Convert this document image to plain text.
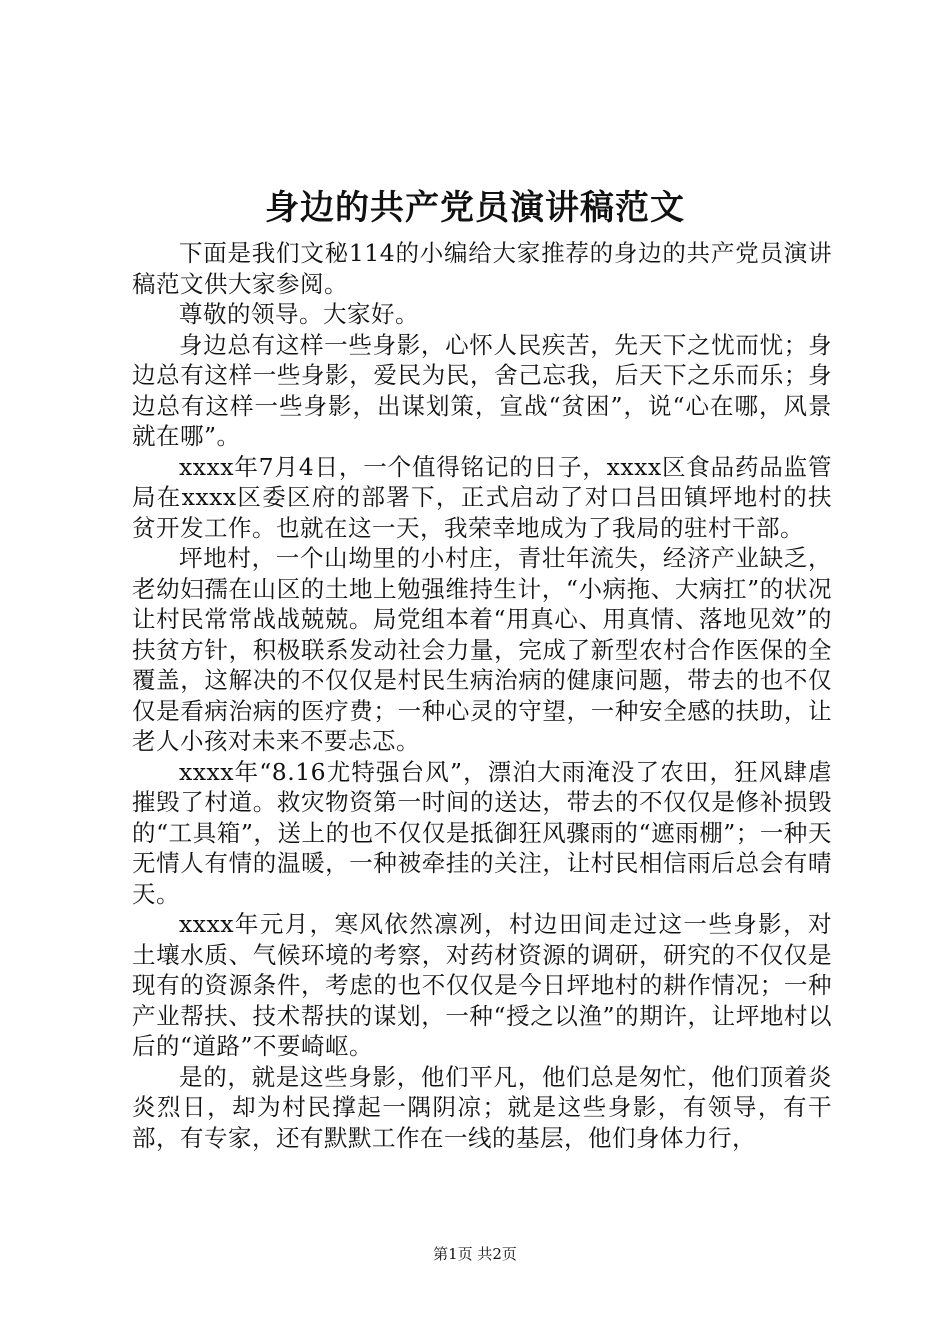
身边的共产党员演讲稿范文

下面是我们文秘114的小编给大家推荐的身边的共产党员演讲稿范文供大家参阅。

尊敬的领导。大家好。

身边总有这样一些身影，心怀人民疾苦，先天下之忧而忧；身边总有这样一些身影，爱民为民，舍己忘我，后天下之乐而乐；身边总有这样一些身影，出谋划策，宣战“贫困”，说“心在哪，风景就在哪”。

xxxx年7月4日，一个值得铭记的日子，xxxx区食品药品监管局在xxxx区委区府的部署下，正式启动了对口吕田镇坪地村的扶贫开发工作。也就在这一天，我荣幸地成为了我局的驻村干部。

坪地村，一个山坳里的小村庄，青壮年流失，经济产业缺乏，老幼妇孺在山区的土地上勉强维持生计，“小病拖、大病扛”的状况让村民常常战战兢兢。局党组本着“用真心、用真情、落地见效”的扶贫方针，积极联系发动社会力量，完成了新型农村合作医保的全覆盖，这解决的不仅仅是村民生病治病的健康问题，带去的也不仅仅是看病治病的医疗费；一种心灵的守望，一种安全感的扶助，让老人小孩对未来不要忐忑。

xxxx年“8.16尤特强台风”，漂泊大雨淹没了农田，狂风肆虐摧毁了村道。救灾物资第一时间的送达，带去的不仅仅是修补损毁的“工具箱”，送上的也不仅仅是抵御狂风骤雨的“遮雨棚”；一种天无情人有情的温暖，一种被牵挂的关注，让村民相信雨后总会有晴天。

xxxx年元月，寒风依然凛冽，村边田间走过这一些身影，对土壤水质、气候环境的考察，对药材资源的调研，研究的不仅仅是现有的资源条件，考虑的也不仅仅是今日坪地村的耕作情况；一种产业帮扶、技术帮扶的谋划，一种“授之以渔”的期许，让坪地村以后的“道路”不要崎岖。

是的，就是这些身影，他们平凡，他们总是匆忙，他们顶着炎炎烈日，却为村民撑起一隅阴凉；就是这些身影，有领导，有干部，有专家，还有默默工作在一线的基层，他们身体力行，

第1页 共2页
